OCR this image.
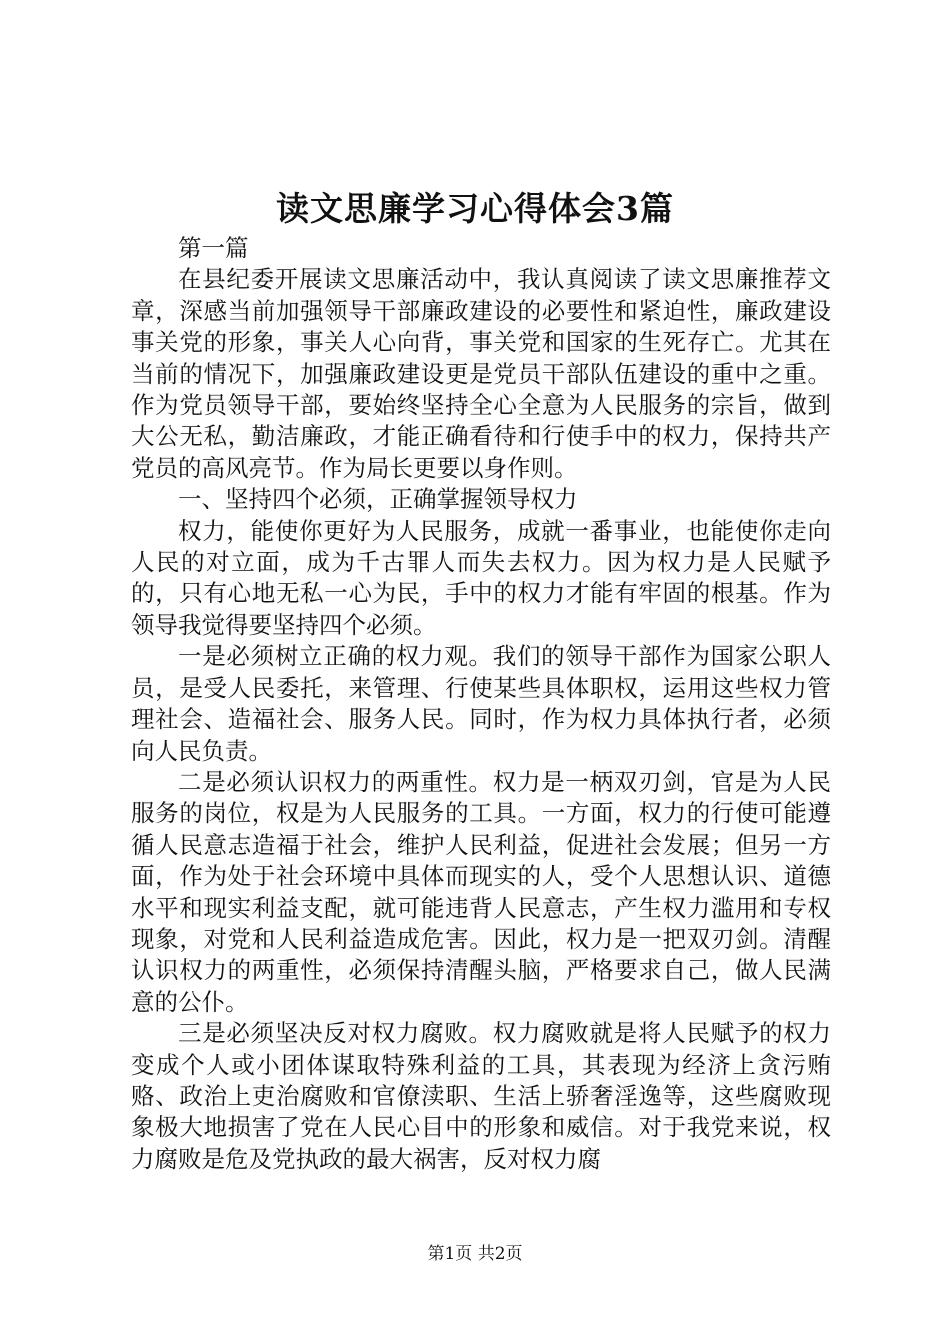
读文思廉学习心得体会3篇

第一篇

在县纪委开展读文思廉活动中，我认真阅读了读文思廉推荐文章，深感当前加强领导干部廉政建设的必要性和紧迫性，廉政建设事关党的形象，事关人心向背，事关党和国家的生死存亡。尤其在当前的情况下，加强廉政建设更是党员干部队伍建设的重中之重。作为党员领导干部，要始终坚持全心全意为人民服务的宗旨，做到大公无私，勤洁廉政，才能正确看待和行使手中的权力，保持共产党员的高风亮节。作为局长更要以身作则。

一、坚持四个必须，正确掌握领导权力

权力，能使你更好为人民服务，成就一番事业，也能使你走向人民的对立面，成为千古罪人而失去权力。因为权力是人民赋予的，只有心地无私一心为民，手中的权力才能有牢固的根基。作为领导我觉得要坚持四个必须。

一是必须树立正确的权力观。我们的领导干部作为国家公职人员，是受人民委托，来管理、行使某些具体职权，运用这些权力管理社会、造福社会、服务人民。同时，作为权力具体执行者，必须向人民负责。

二是必须认识权力的两重性。权力是一柄双刃剑，官是为人民服务的岗位，权是为人民服务的工具。一方面，权力的行使可能遵循人民意志造福于社会，维护人民利益，促进社会发展；但另一方面，作为处于社会环境中具体而现实的人，受个人思想认识、道德水平和现实利益支配，就可能违背人民意志，产生权力滥用和专权现象，对党和人民利益造成危害。因此，权力是一把双刃剑。清醒认识权力的两重性，必须保持清醒头脑，严格要求自己，做人民满意的公仆。

三是必须坚决反对权力腐败。权力腐败就是将人民赋予的权力变成个人或小团体谋取特殊利益的工具，其表现为经济上贪污贿赂、政治上吏治腐败和官僚渎职、生活上骄奢淫逸等，这些腐败现象极大地损害了党在人民心目中的形象和威信。对于我党来说，权力腐败是危及党执政的最大祸害，反对权力腐

第1页 共2页
